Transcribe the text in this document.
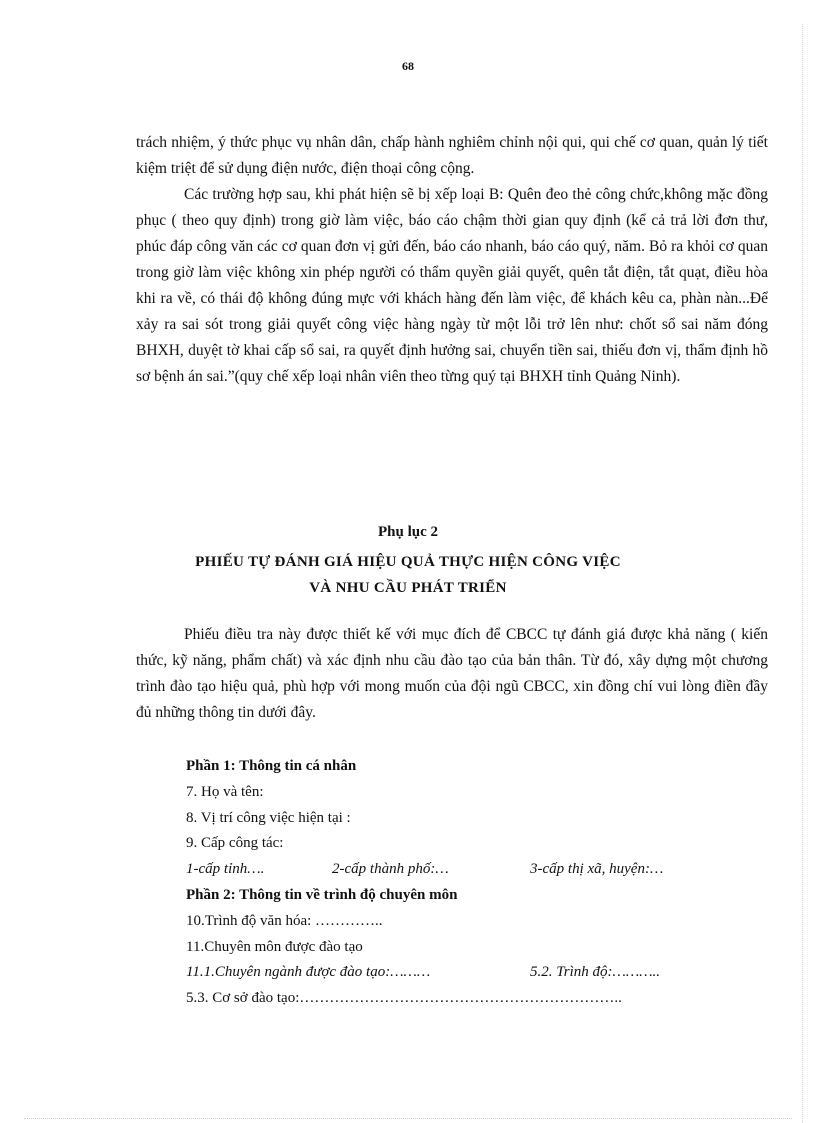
68

trách nhiệm, ý thức phục vụ nhân dân, chấp hành nghiêm chỉnh nội qui, qui chế cơ quan, quản lý tiết kiệm triệt để sử dụng điện nước, điện thoại công cộng.

Các trường hợp sau, khi phát hiện sẽ bị xếp loại B: Quên đeo thẻ công chức,không mặc đồng phục ( theo quy định) trong giờ làm việc, báo cáo chậm thời gian quy định (kể cả trả lời đơn thư, phúc đáp công văn các cơ quan đơn vị gửi đến, báo cáo nhanh, báo cáo quý, năm. Bỏ ra khỏi cơ quan trong giờ làm việc không xin phép người có thẩm quyền giải quyết, quên tắt điện, tắt quạt, điều hòa khi ra về, có thái độ không đúng mực với khách hàng đến làm việc, để khách kêu ca, phàn nàn...Để xảy ra sai sót trong giải quyết công việc hàng ngày từ một lỗi trở lên như: chốt sổ sai năm đóng BHXH, duyệt tờ khai cấp sổ sai, ra quyết định hưởng sai, chuyển tiền sai, thiếu đơn vị, thẩm định hồ sơ bệnh án sai.”(quy chế xếp loại nhân viên theo từng quý tại BHXH tỉnh Quảng Ninh).

Phụ lục 2
PHIẾU TỰ ĐÁNH GIÁ HIỆU QUẢ THỰC HIỆN CÔNG VIỆC
VÀ NHU CẦU PHÁT TRIỂN

Phiếu điều tra này được thiết kế với mục đích để CBCC tự đánh giá được khả năng ( kiến thức, kỹ năng, phẩm chất) và xác định nhu cầu đào tạo của bản thân. Từ đó, xây dựng một chương trình đào tạo hiệu quả, phù hợp với mong muốn của đội ngũ CBCC, xin đồng chí vui lòng điền đầy đủ những thông tin dưới đây.

Phần 1: Thông tin cá nhân
7. Họ và tên:
8. Vị trí công việc hiện tại :
9. Cấp công tác:
1-cấp tỉnh….	2-cấp thành phố:…	3-cấp thị xã, huyện:…
Phần 2: Thông tin về trình độ chuyên môn
10.Trình độ văn hóa: …………..
11.Chuyên môn được đào tạo
11.1.Chuyên ngành được đào tạo:………	5.2. Trình độ:………..
5.3. Cơ sở đào tạo:………………………………………………………..
